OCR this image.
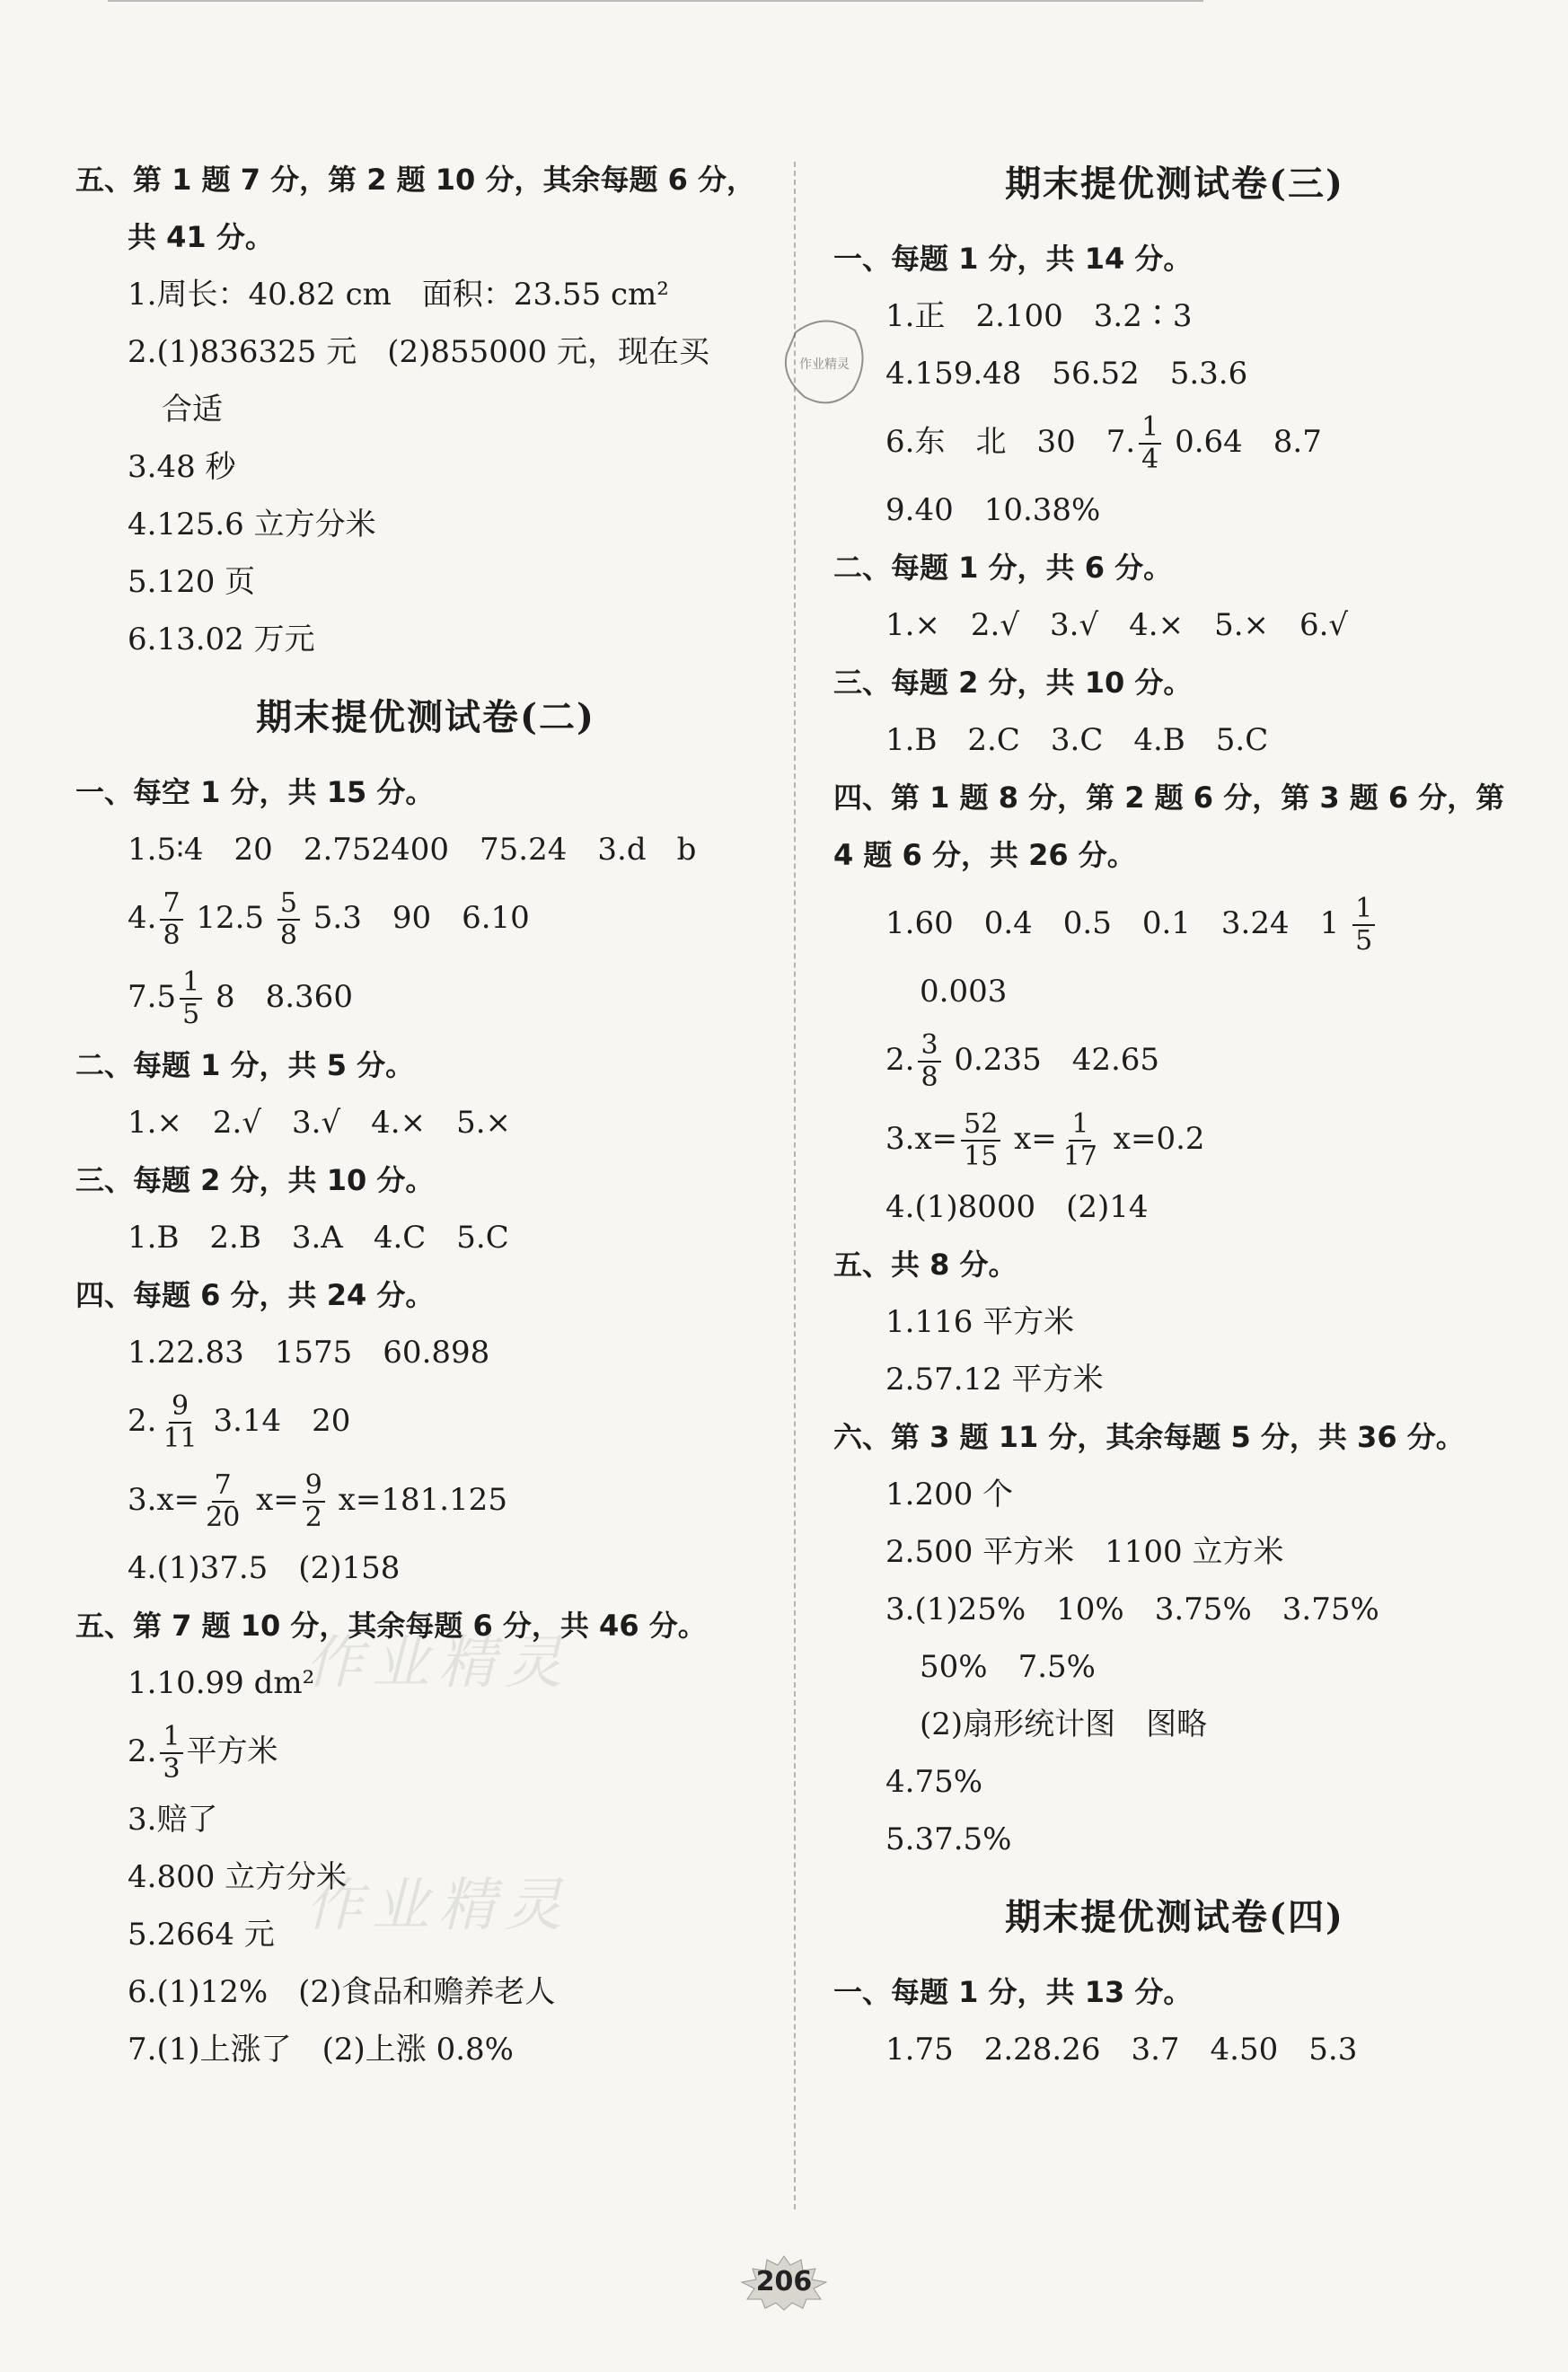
五、第 1 题 7 分，第 2 题 10 分，其余每题 6 分，
共 41 分。
1.周长：40.82 cm　面积：23.55 cm²
2.(1)836325 元　(2)855000 元，现在买
合适
3.48 秒
4.125.6 立方分米
5.120 页
6.13.02 万元
期末提优测试卷(二)
一、每空 1 分，共 15 分。
1.5∶4　20　2.752400　75.24　3.d　b
4. $\frac{7}{8} 12.5 \frac{5}{8} 5.3$　90　6.10
$7.5 \frac{1}{5} 8$　8.360
二、每题 1 分，共 5 分。
1.×　2.√　3.√　4.×　5.×
三、每题 2 分，共 10 分。
1.B　2.B　3.A　4.C　5.C
四、每题 6 分，共 24 分。
1.22.83　1575　60.898
2. $\frac{9}{11} 3.14$　20
$3.x= \frac{7}{20} x= \frac{9}{2} x=181.125$
4.(1)37.5　(2)158
五、第 7 题 10 分，其余每题 6 分，共 46 分。
1.10.99 dm²
2. $\frac{1}{3}$ 平方米
3.赔了
4.800 立方分米
5.2664 元
6.(1)12%　(2)食品和赡养老人
7.(1)上涨了　(2)上涨 0.8%
期末提优测试卷(三)
一、每题 1 分，共 14 分。
1.正　2.100　3.2∶3
4.159.48　56.52　5.3.6
6.东　北　30　7. $\frac{1}{4} 0.64$　8.7
9.40　10.38%
二、每题 1 分，共 6 分。
1.×　2.√　3.√　4.×　5.×　6.√
三、每题 2 分，共 10 分。
1.B　2.C　3.C　4.B　5.C
四、第 1 题 8 分，第 2 题 6 分，第 3 题 6 分，第
4 题 6 分，共 26 分。
1.60　0.4　0.5　0.1　3.24　$1 \frac{1}{5}$
0.003
2. $\frac{3}{8} 0.235$　42.65
$3.x= \frac{52}{15} x= \frac{1}{17} x=0.2$
4.(1)8000　(2)14
五、共 8 分。
1.116 平方米
2.57.12 平方米
六、第 3 题 11 分，其余每题 5 分，共 36 分。
1.200 个
2.500 平方米　1100 立方米
3.(1)25%　10%　3.75%　3.75%
50%　7.5%
(2)扇形统计图　图略
4.75%
5.37.5%
期末提优测试卷(四)
一、每题 1 分，共 13 分。
1.75　2.28.26　3.7　4.50　5.3
作业精灵
作业精灵
作业精灵
206
